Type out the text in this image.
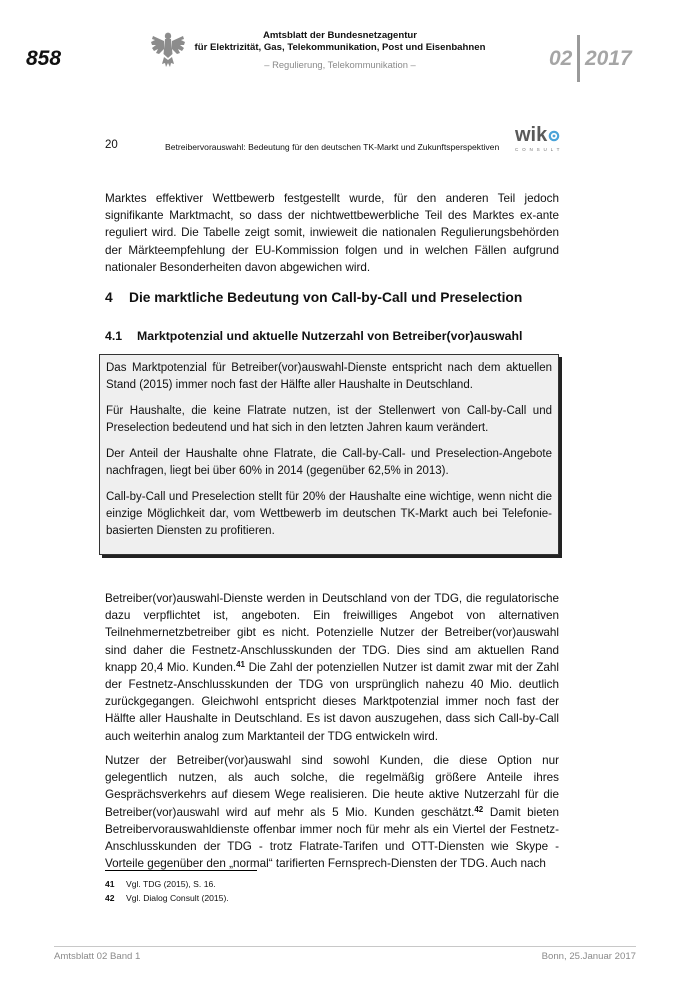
858
Amtsblatt der Bundesnetzagentur
für Elektrizität, Gas, Telekommunikation, Post und Eisenbahnen
– Regulierung, Telekommunikation –	02 2017
20	Betreibervorauswahl: Bedeutung für den deutschen TK-Markt und Zukunftsperspektiven
wik
CONSULT
Marktes effektiver Wettbewerb festgestellt wurde, für den anderen Teil jedoch signifikante Marktmacht, so dass der nichtwettbewerbliche Teil des Marktes ex-ante reguliert wird. Die Tabelle zeigt somit, inwieweit die nationalen Regulierungsbehörden der Märkteempfehlung der EU-Kommission folgen und in welchen Fällen aufgrund nationaler Besonderheiten davon abgewichen wird.
4 Die marktliche Bedeutung von Call-by-Call und Preselection
4.1 Marktpotenzial und aktuelle Nutzerzahl von Betreiber(vor)auswahl

Das Marktpotenzial für Betreiber(vor)auswahl-Dienste entspricht nach dem aktuellen Stand (2015) immer noch fast der Hälfte aller Haushalte in Deutschland.

Für Haushalte, die keine Flatrate nutzen, ist der Stellenwert von Call-by-Call und Preselection bedeutend und hat sich in den letzten Jahren kaum verändert.

Der Anteil der Haushalte ohne Flatrate, die Call-by-Call- und Preselection-Angebote nachfragen, liegt bei über 60% in 2014 (gegenüber 62,5% in 2013).

Call-by-Call und Preselection stellt für 20% der Haushalte eine wichtige, wenn nicht die einzige Möglichkeit dar, vom Wettbewerb im deutschen TK-Markt auch bei Telefonie-basierten Diensten zu profitieren.

Betreiber(vor)auswahl-Dienste werden in Deutschland von der TDG, die regulatorische dazu verpflichtet ist, angeboten. Ein freiwilliges Angebot von alternativen Teilnehmernetzbetreiber gibt es nicht. Potenzielle Nutzer der Betreiber(vor)auswahl sind daher die Festnetz-Anschlusskunden der TDG. Dies sind am aktuellen Rand knapp 20,4 Mio. Kunden.$^{41}$ Die Zahl der potenziellen Nutzer ist damit zwar mit der Zahl der Festnetz-Anschlusskunden der TDG von ursprünglich nahezu 40 Mio. deutlich zurückgegangen. Gleichwohl entspricht dieses Marktpotenzial immer noch fast der Hälfte aller Haushalte in Deutschland. Es ist davon auszugehen, dass sich Call-by-Call auch weiterhin analog zum Marktanteil der TDG entwickeln wird.
Nutzer der Betreiber(vor)auswahl sind sowohl Kunden, die diese Option nur gelegentlich nutzen, als auch solche, die regelmäßig größere Anteile ihres Gesprächsverkehrs auf diesem Wege realisieren. Die heute aktive Nutzerzahl für die Betreiber(vor)auswahl wird auf mehr als 5 Mio. Kunden geschätzt.$^{42}$ Damit bieten Betreibervorauswahldienste offenbar immer noch für mehr als ein Viertel der Festnetz-Anschlusskunden der TDG - trotz Flatrate-Tarifen und OTT-Diensten wie Skype - Vorteile gegenüber den „normal“ tarifierten Fernsprech-Diensten der TDG. Auch nach
41 Vgl. TDG (2015), S. 16.
42 Vgl. Dialog Consult (2015).
Amtsblatt 02 Band 1	Bonn, 25.Januar 2017
